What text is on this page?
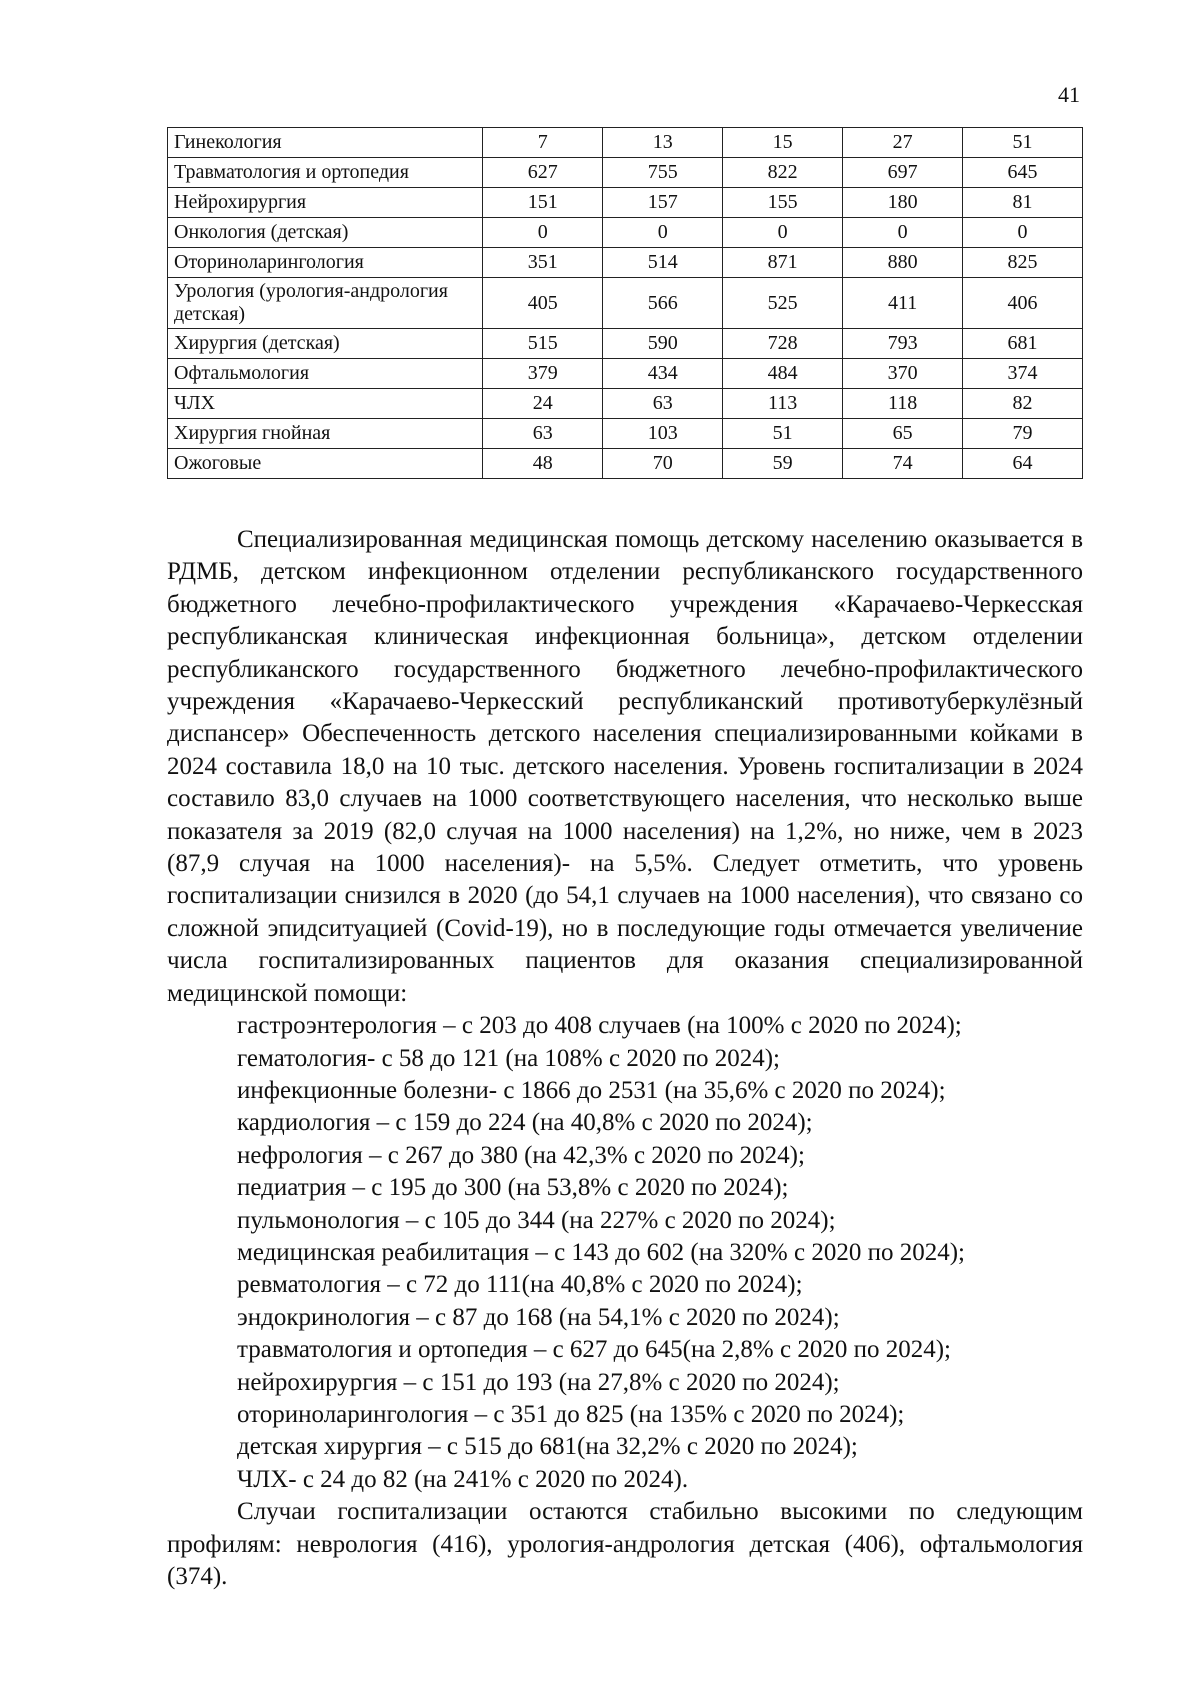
41
Гинекология	7	13	15	27	51
Травматология и ортопедия	627	755	822	697	645
Нейрохирургия	151	157	155	180	81
Онкология (детская)	0	0	0	0	0
Оториноларингология	351	514	871	880	825
Урология (урология-андрология детская)	405	566	525	411	406
Хирургия (детская)	515	590	728	793	681
Офтальмология	379	434	484	370	374
ЧЛХ	24	63	113	118	82
Хирургия гнойная	63	103	51	65	79
Ожоговые	48	70	59	74	64

Специализированная медицинская помощь детскому населению оказывается в РДМБ, детском инфекционном отделении республиканского государственного бюджетного лечебно-профилактического учреждения «Карачаево-Черкесская республиканская клиническая инфекционная больница», детском отделении республиканского государственного бюджетного лечебно-профилактического учреждения «Карачаево-Черкесский республиканский противотуберкулёзный диспансер» Обеспеченность детского населения специализированными койками в 2024 составила 18,0 на 10 тыс. детского населения. Уровень госпитализации в 2024 составило 83,0 случаев на 1000 соответствующего населения, что несколько выше показателя за 2019 (82,0 случая на 1000 населения) на 1,2%, но ниже, чем в 2023 (87,9 случая на 1000 населения)- на 5,5%. Следует отметить, что уровень госпитализации снизился в 2020 (до 54,1 случаев на 1000 населения), что связано со сложной эпидситуацией (Covid-19), но в последующие годы отмечается увеличение числа госпитализированных пациентов для оказания специализированной медицинской помощи:

гастроэнтерология – с 203 до 408 случаев (на 100% с 2020 по 2024);
гематология- с 58 до 121 (на 108% с 2020 по 2024);
инфекционные болезни- с 1866 до 2531 (на 35,6% с 2020 по 2024);
кардиология – с 159 до 224 (на 40,8% с 2020 по 2024);
нефрология – с 267 до 380 (на 42,3% с 2020 по 2024);
педиатрия – с 195 до 300 (на 53,8% с 2020 по 2024);
пульмонология – с 105 до 344 (на 227% с 2020 по 2024);
медицинская реабилитация – с 143 до 602 (на 320% с 2020 по 2024);
ревматология – с 72 до 111(на 40,8% с 2020 по 2024);
эндокринология – с 87 до 168 (на 54,1% с 2020 по 2024);
травматология и ортопедия – с 627 до 645(на 2,8% с 2020 по 2024);
нейрохирургия – с 151 до 193 (на 27,8% с 2020 по 2024);
оториноларингология – с 351 до 825 (на 135% с 2020 по 2024);
детская хирургия – с 515 до 681(на 32,2% с 2020 по 2024);
ЧЛХ- с 24 до 82 (на 241% с 2020 по 2024).

Случаи госпитализации остаются стабильно высокими по следующим профилям: неврология (416), урология-андрология детская (406), офтальмология (374).
